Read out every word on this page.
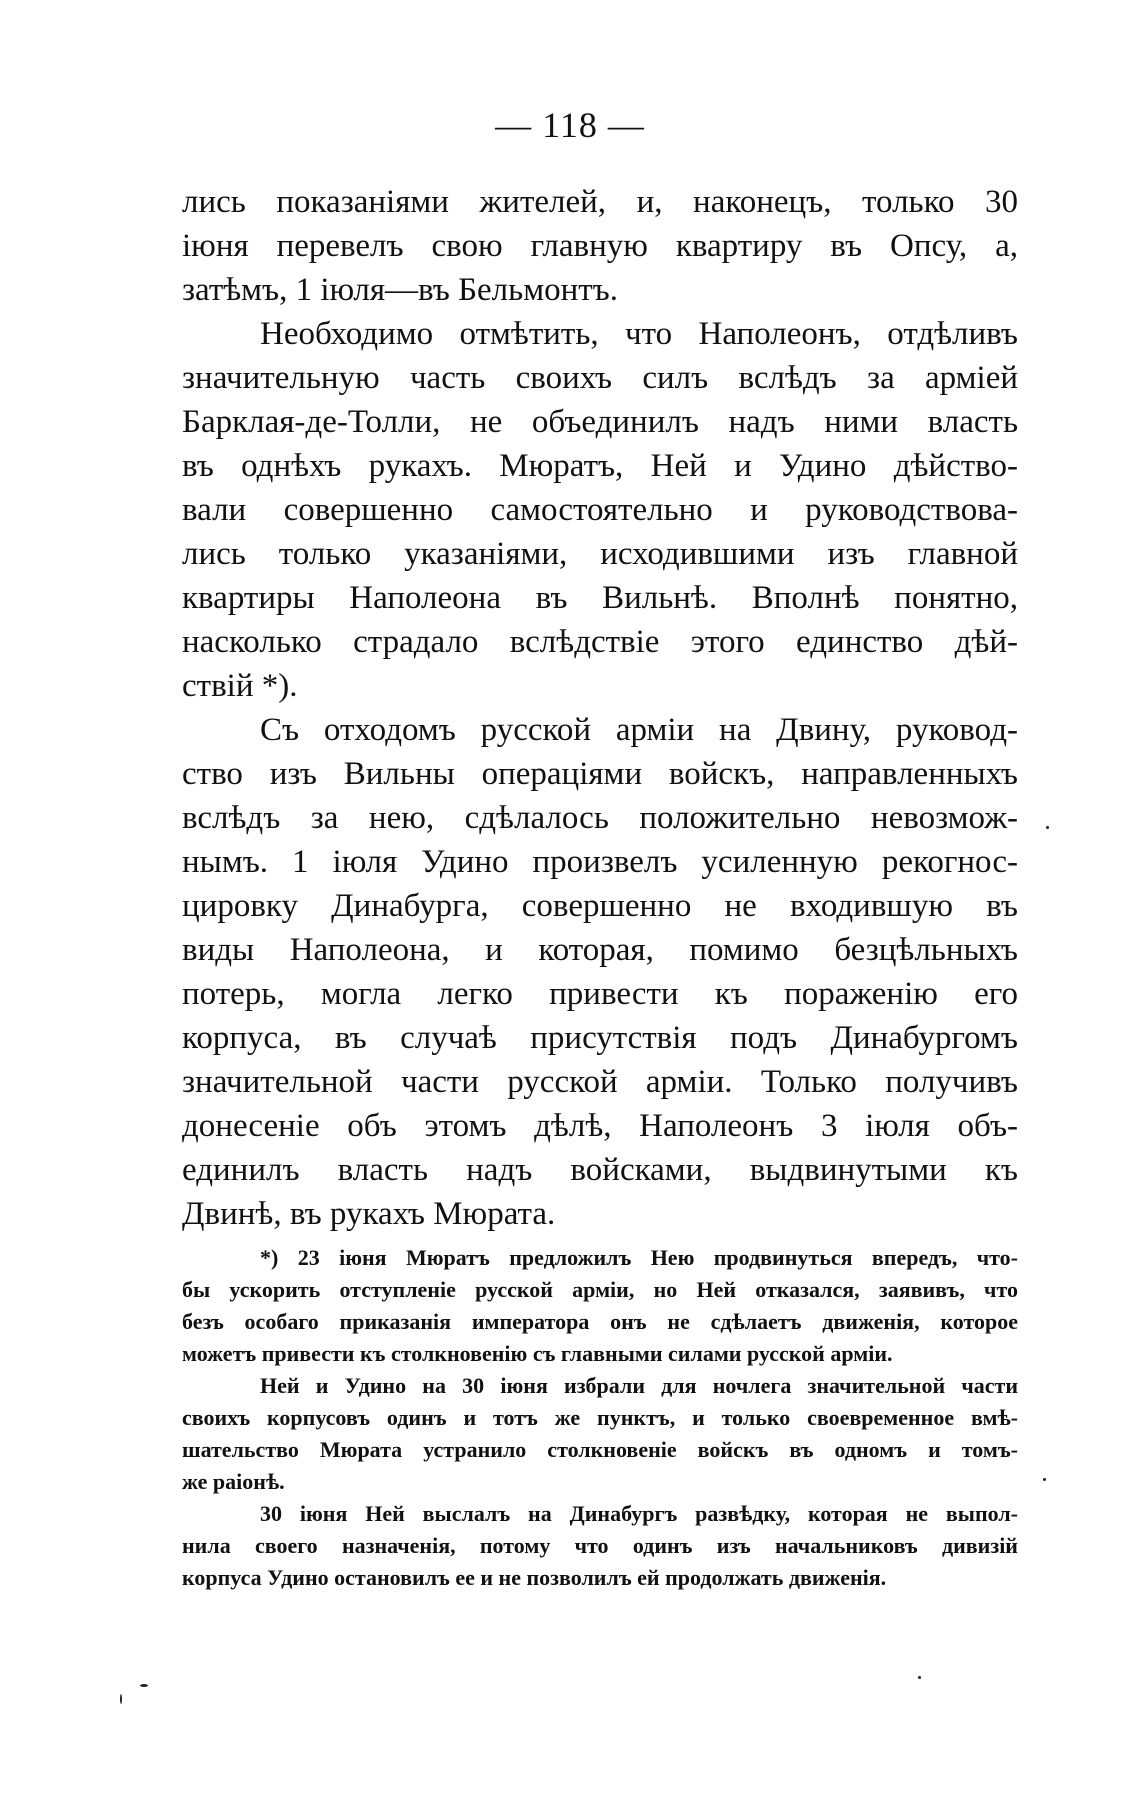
— 118 —
лись показаніями жителей, и, наконецъ, только 30
іюня перевелъ свою главную квартиру въ Опсу, а,
затѣмъ, 1 іюля—въ Бельмонтъ.
Необходимо отмѣтить, что Наполеонъ, отдѣливъ
значительную часть своихъ силъ вслѣдъ за арміей
Барклая-де-Толли, не объединилъ надъ ними власть
въ однѣхъ рукахъ. Мюратъ, Ней и Удино дѣйство-
вали совершенно самостоятельно и руководствова-
лись только указаніями, исходившими изъ главной
квартиры Наполеона въ Вильнѣ. Вполнѣ понятно,
насколько страдало вслѣдствіе этого единство дѣй-
ствій *).
Съ отходомъ русской арміи на Двину, руковод-
ство изъ Вильны операціями войскъ, направленныхъ
вслѣдъ за нею, сдѣлалось положительно невозмож-
нымъ. 1 іюля Удино произвелъ усиленную рекогнос-
цировку Динабурга, совершенно не входившую въ
виды Наполеона, и которая, помимо безцѣльныхъ
потерь, могла легко привести къ пораженію его
корпуса, въ случаѣ присутствія подъ Динабургомъ
значительной части русской арміи. Только получивъ
донесеніе объ этомъ дѣлѣ, Наполеонъ 3 іюля объ-
единилъ власть надъ войсками, выдвинутыми къ
Двинѣ, въ рукахъ Мюрата.
*) 23 іюня Мюратъ предложилъ Нею продвинуться впередъ, что-
бы ускорить отступленіе русской арміи, но Ней отказался, заявивъ, что
безъ особаго приказанія императора онъ не сдѣлаетъ движенія, которое
можетъ привести къ столкновенію съ главными силами русской арміи.
Ней и Удино на 30 іюня избрали для ночлега значительной части
своихъ корпусовъ одинъ и тотъ же пунктъ, и только своевременное вмѣ-
шательство Мюрата устранило столкновеніе войскъ въ одномъ и томъ-
же раіонѣ.
30 іюня Ней выслалъ на Динабургъ развѣдку, которая не выпол-
нила своего назначенія, потому что одинъ изъ начальниковъ дивизій
корпуса Удино остановилъ ее и не позволилъ ей продолжать движенія.
